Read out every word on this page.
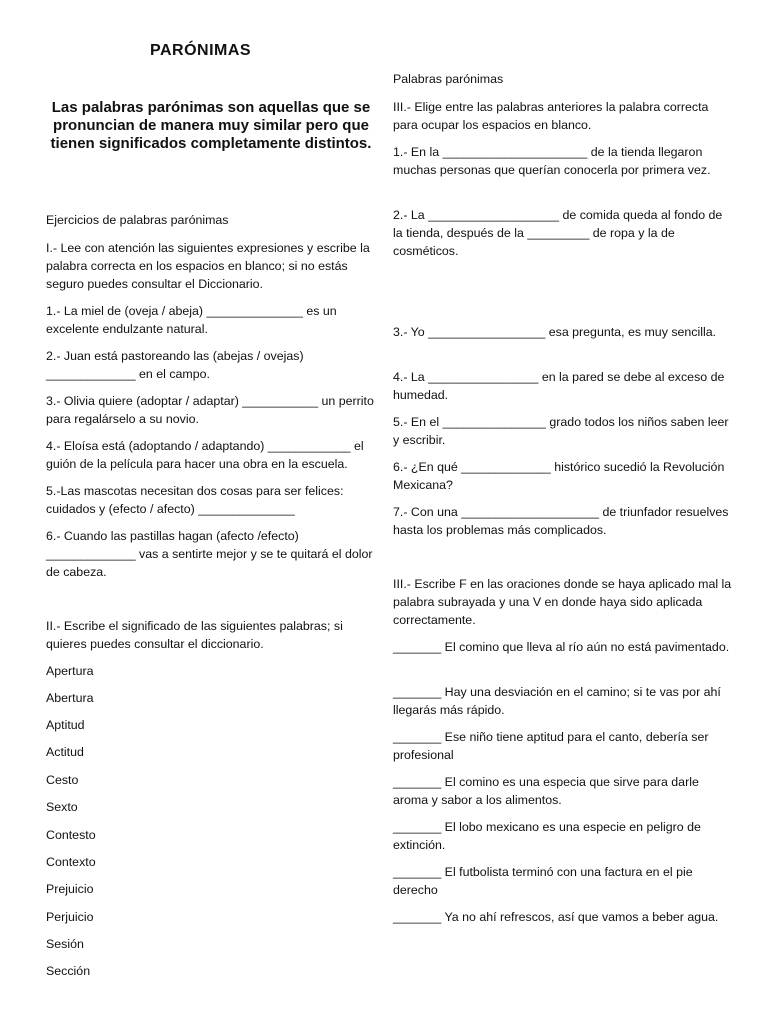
PARÓNIMAS
Las palabras parónimas son aquellas que se pronuncian de manera muy similar pero que tienen significados completamente distintos.

Ejercicios de palabras parónimas

I.- Lee con atención las siguientes expresiones y escribe la palabra correcta en los espacios en blanco; si no estás seguro puedes consultar el Diccionario.

1.- La miel de (oveja / abeja) ______________ es un excelente endulzante natural.

2.- Juan está pastoreando las (abejas / ovejas) _____________ en el campo.

3.- Olivia quiere (adoptar / adaptar) ___________ un perrito para regalárselo a su novio.

4.- Eloísa está (adoptando / adaptando) ____________ el guión de la película para hacer una obra en la escuela.

5.-Las mascotas necesitan dos cosas para ser felices: cuidados y (efecto / afecto) ______________

6.- Cuando las pastillas hagan (afecto /efecto) _____________ vas a sentirte mejor y se te quitará el dolor de cabeza.

II.- Escribe el significado de las siguientes palabras; si quieres puedes consultar el diccionario.

Apertura

Abertura

Aptitud

Actitud

Cesto

Sexto

Contesto

Contexto

Prejuicio

Perjuicio

Sesión

Sección

Palabras parónimas

III.- Elige entre las palabras anteriores la palabra correcta para ocupar los espacios en blanco.

1.- En la _____________________ de la tienda llegaron muchas personas que querían conocerla por primera vez.

2.- La ___________________ de comida queda al fondo de la tienda, después de la _________ de ropa y la de cosméticos.

3.- Yo _________________ esa pregunta, es muy sencilla.

4.- La ________________ en la pared se debe al exceso de humedad.

5.- En el _______________ grado todos los niños saben leer y escribir.

6.- ¿En qué _____________ histórico sucedió la Revolución Mexicana?

7.- Con una ____________________ de triunfador resuelves hasta los problemas más complicados.

III.- Escribe F en las oraciones donde se haya aplicado mal la palabra subrayada y una V en donde haya sido aplicada correctamente.

_______ El comino que lleva al río aún no está pavimentado.

_______ Hay una desviación en el camino; si te vas por ahí llegarás más rápido.

_______ Ese niño tiene aptitud para el canto, debería ser profesional

_______ El comino es una especia que sirve para darle aroma y sabor a los alimentos.

_______ El lobo mexicano es una especie en peligro de extinción.

_______ El futbolista terminó con una factura en el pie derecho

_______ Ya no ahí refrescos, así que vamos a beber agua.
